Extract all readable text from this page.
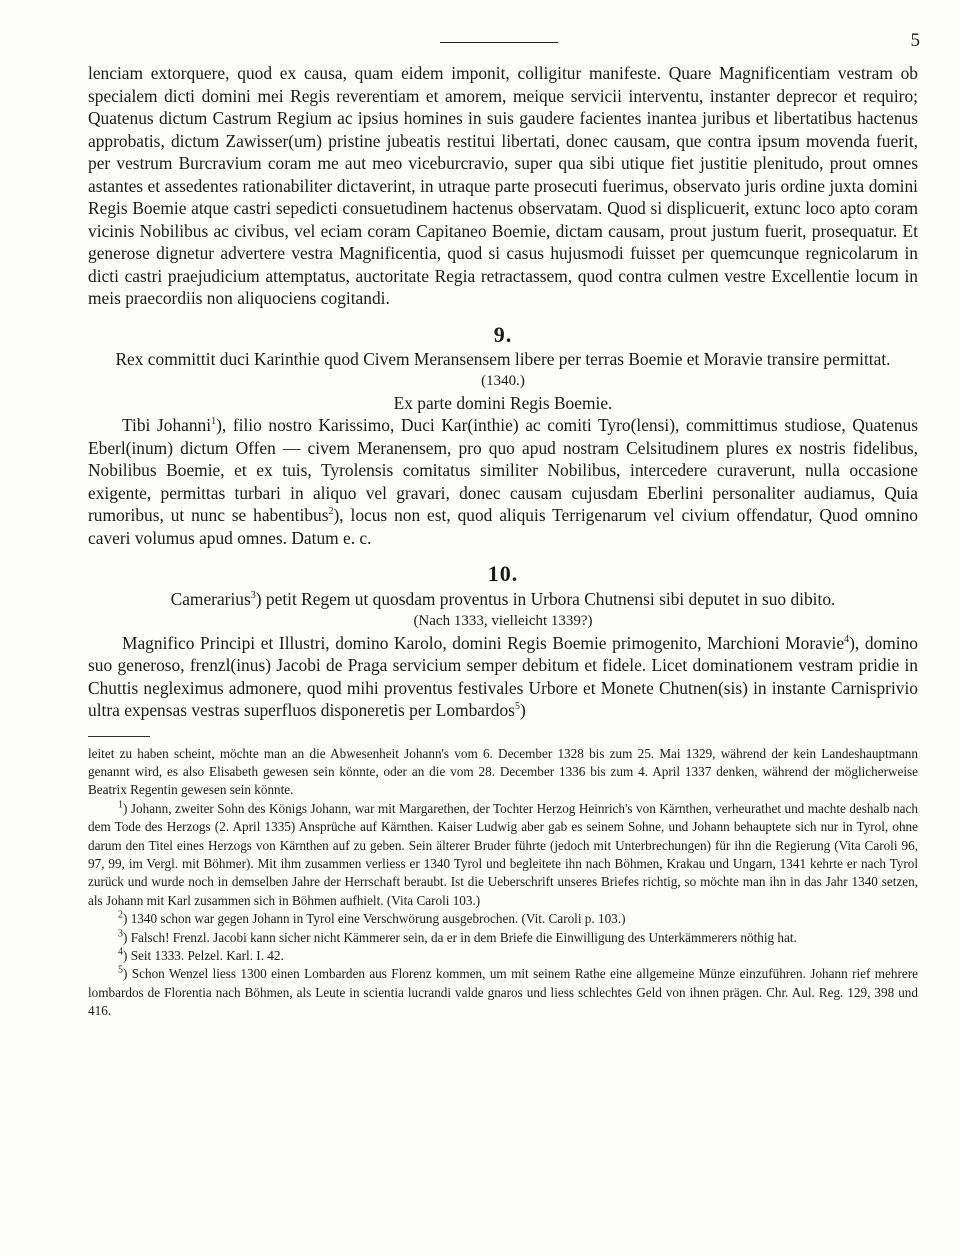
5

lenciam extorquere, quod ex causa, quam eidem imponit, colligitur manifeste. Quare Magnificentiam vestram ob specialem dicti domini mei Regis reverentiam et amorem, meique servicii interventu, instanter deprecor et requiro; Quatenus dictum Castrum Regium ac ipsius homines in suis gaudere facientes inantea juribus et libertatibus hactenus approbatis, dictum Zawisser(um) pristine jubeatis restitui libertati, donec causam, que contra ipsum movenda fuerit, per vestrum Burcravium coram me aut meo viceburcravio, super qua sibi utique fiet justitie plenitudo, prout omnes astantes et assedentes rationabiliter dictaverint, in utraque parte prosecuti fuerimus, observato juris ordine juxta domini Regis Boemie atque castri sepedicti consuetudinem hactenus observatam. Quod si displicuerit, extunc loco apto coram vicinis Nobilibus ac civibus, vel eciam coram Capitaneo Boemie, dictam causam, prout justum fuerit, prosequatur. Et generose dignetur advertere vestra Magnificentia, quod si casus hujusmodi fuisset per quemcunque regnicolarum in dicti castri praejudicium attemptatus, auctoritate Regia retractassem, quod contra culmen vestre Excellentie locum in meis praecordiis non aliquociens cogitandi.

9.
Rex committit duci Karinthie quod Civem Meransensem libere per terras Boemie et Moravie transire permittat.
(1340.)
Ex parte domini Regis Boemie.

Tibi Johanni$^1$), filio nostro Karissimo, Duci Kar(inthie) ac comiti Tyro(lensi), committimus studiose, Quatenus Eberl(inum) dictum Offen — civem Meranensem, pro quo apud nostram Celsitudinem plures ex nostris fidelibus, Nobilibus Boemie, et ex tuis, Tyrolensis comitatus similiter Nobilibus, intercedere curaverunt, nulla occasione exigente, permittas turbari in aliquo vel gravari, donec causam cujusdam Eberlini personaliter audiamus, Quia rumoribus, ut nunc se habentibus$^2$), locus non est, quod aliquis Terrigenarum vel civium offendatur, Quod omnino caveri volumus apud omnes. Datum e. c.

10.
Camerarius$^3$) petit Regem ut quosdam proventus in Urbora Chutnensi sibi deputet in suo dibito.
(Nach 1333, vielleicht 1339?)

Magnifico Principi et Illustri, domino Karolo, domini Regis Boemie primogenito, Marchioni Moravie$^4$), domino suo generoso, frenzl(inus) Jacobi de Praga servicium semper debitum et fidele. Licet dominationem vestram pridie in Chuttis neglеximus admonere, quod mihi proventus festivales Urbore et Monete Chutnen(sis) in instante Carnisprivio ultra expensas vestras superfluos disponeretis per Lombardos$^5$)

leitet zu haben scheint, möchte man an die Abwesenheit Johann's vom 6. December 1328 bis zum 25. Mai 1329, während der kein Landeshauptmann genannt wird, es also Elisabeth gewesen sein könnte, oder an die vom 28. December 1336 bis zum 4. April 1337 denken, während der möglicherweise Beatrix Regentin gewesen sein könnte.

$^1$) Johann, zweiter Sohn des Königs Johann, war mit Margarethen, der Tochter Herzog Heinrich's von Kärnthen, verheurathet und machte deshalb nach dem Tode des Herzogs (2. April 1335) Ansprüche auf Kärnthen. Kaiser Ludwig aber gab es seinem Sohne, und Johann behauptete sich nur in Tyrol, ohne darum den Titel eines Herzogs von Kärnthen auf zu geben. Sein älterer Bruder führte (jedoch mit Unterbrechungen) für ihn die Regierung (Vita Caroli 96, 97, 99, im Vergl. mit Böhmer). Mit ihm zusammen verliess er 1340 Tyrol und begleitete ihn nach Böhmen, Krakau und Ungarn, 1341 kehrte er nach Tyrol zurück und wurde noch in demselben Jahre der Herrschaft beraubt. Ist die Ueberschrift unseres Briefes richtig, so möchte man ihn in das Jahr 1340 setzen, als Johann mit Karl zusammen sich in Böhmen aufhielt. (Vita Caroli 103.)

$^2$) 1340 schon war gegen Johann in Tyrol eine Verschwörung ausgebrochen. (Vit. Caroli p. 103.)

$^3$) Falsch! Frenzl. Jacobi kann sicher nicht Kämmerer sein, da er in dem Briefe die Einwilligung des Unterkämmerers nöthig hat.

$^4$) Seit 1333. Pelzel. Karl. I. 42.

$^5$) Schon Wenzel liess 1300 einen Lombarden aus Florenz kommen, um mit seinem Rathe eine allgemeine Münze einzuführen. Johann rief mehrere lombardos de Florentia nach Böhmen, als Leute in scientia lucrandi valde gnaros und liess schlechtes Geld von ihnen prägen. Chr. Aul. Reg. 129, 398 und 416.
